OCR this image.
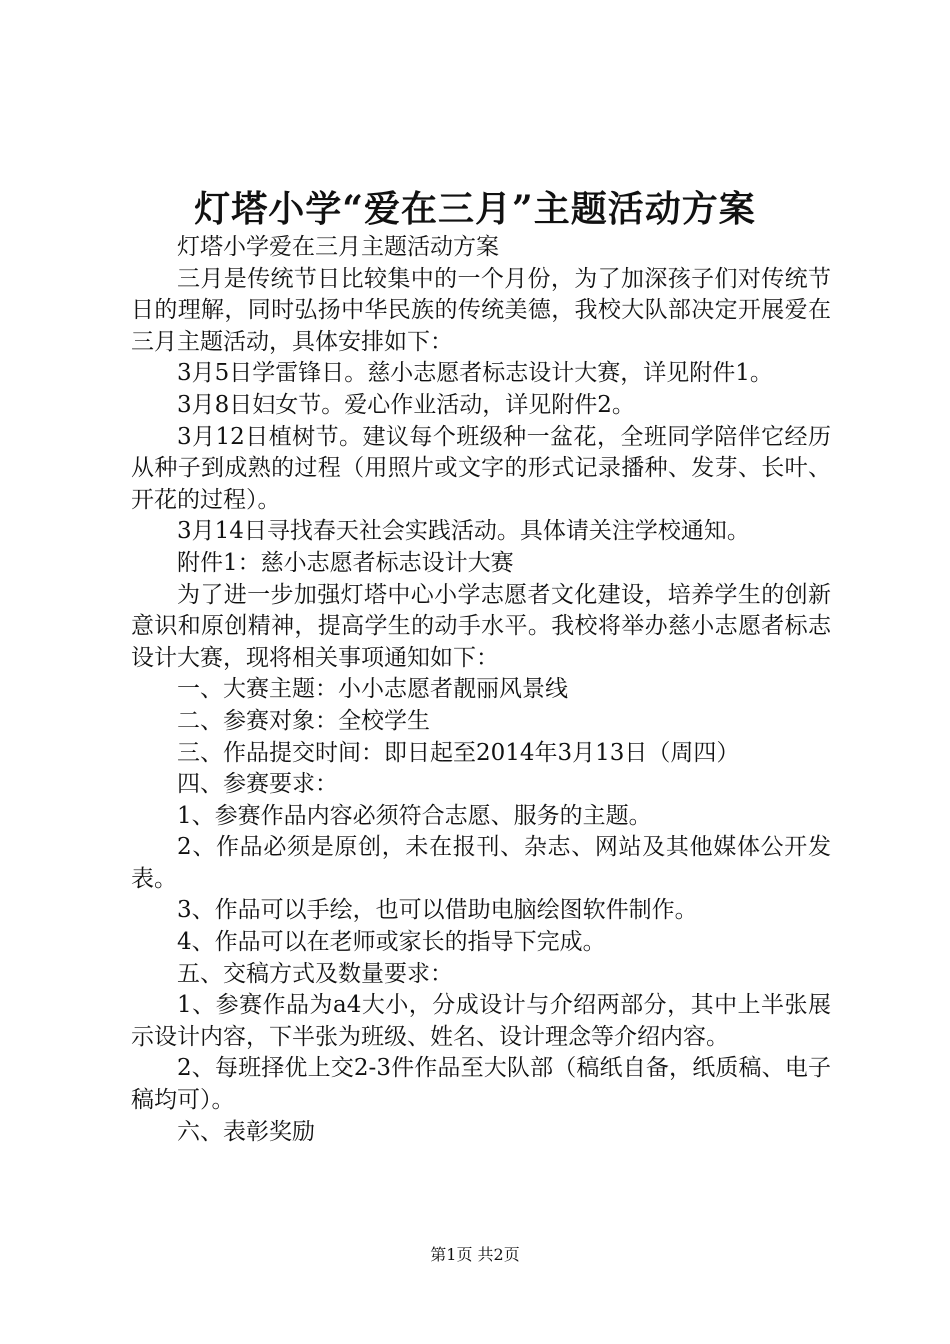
灯塔小学“爱在三月”主题活动方案

灯塔小学爱在三月主题活动方案

三月是传统节日比较集中的一个月份，为了加深孩子们对传统节日的理解，同时弘扬中华民族的传统美德，我校大队部决定开展爱在三月主题活动，具体安排如下：

3月5日学雷锋日。慈小志愿者标志设计大赛，详见附件1。

3月8日妇女节。爱心作业活动，详见附件2。

3月12日植树节。建议每个班级种一盆花，全班同学陪伴它经历从种子到成熟的过程（用照片或文字的形式记录播种、发芽、长叶、开花的过程）。

3月14日寻找春天社会实践活动。具体请关注学校通知。

附件1：慈小志愿者标志设计大赛

为了进一步加强灯塔中心小学志愿者文化建设，培养学生的创新意识和原创精神，提高学生的动手水平。我校将举办慈小志愿者标志设计大赛，现将相关事项通知如下：

一、大赛主题：小小志愿者靓丽风景线

二、参赛对象：全校学生

三、作品提交时间：即日起至2014年3月13日（周四）

四、参赛要求：

1、参赛作品内容必须符合志愿、服务的主题。

2、作品必须是原创，未在报刊、杂志、网站及其他媒体公开发表。

3、作品可以手绘，也可以借助电脑绘图软件制作。

4、作品可以在老师或家长的指导下完成。

五、交稿方式及数量要求：

1、参赛作品为a4大小，分成设计与介绍两部分，其中上半张展示设计内容，下半张为班级、姓名、设计理念等介绍内容。

2、每班择优上交2-3件作品至大队部（稿纸自备，纸质稿、电子稿均可）。

六、表彰奖励

第1页 共2页
